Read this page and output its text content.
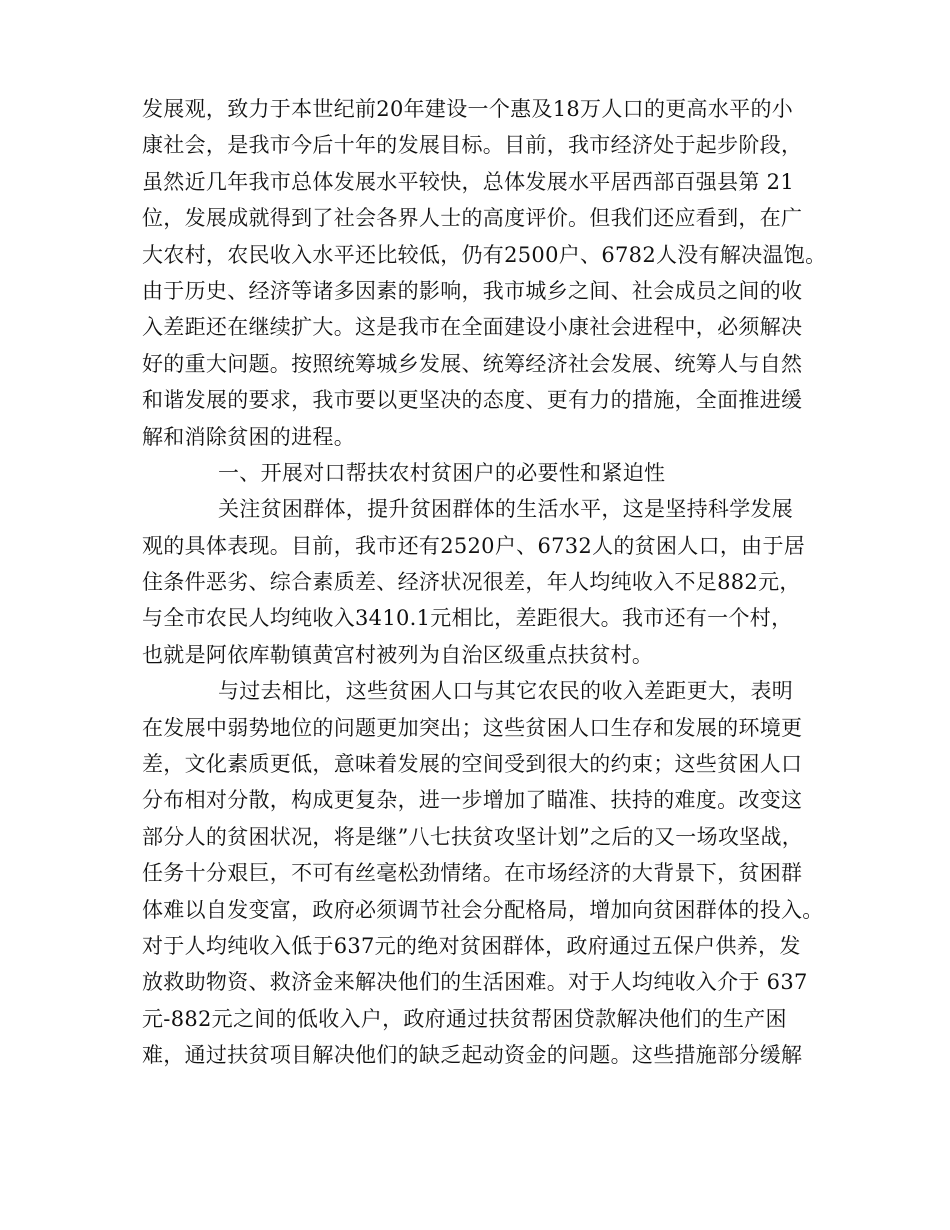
发展观，致力于本世纪前20年建设一个惠及18万人口的更高水平的小
康社会，是我市今后十年的发展目标。目前，我市经济处于起步阶段，
虽然近几年我市总体发展水平较快，总体发展水平居西部百强县第 21
位，发展成就得到了社会各界人士的高度评价。但我们还应看到，在广
大农村，农民收入水平还比较低，仍有2500户、6782人没有解决温饱。
由于历史、经济等诸多因素的影响，我市城乡之间、社会成员之间的收
入差距还在继续扩大。这是我市在全面建设小康社会进程中，必须解决
好的重大问题。按照统筹城乡发展、统筹经济社会发展、统筹人与自然
和谐发展的要求，我市要以更坚决的态度、更有力的措施，全面推进缓
解和消除贫困的进程。
一、开展对口帮扶农村贫困户的必要性和紧迫性
关注贫困群体，提升贫困群体的生活水平，这是坚持科学发展
观的具体表现。目前，我市还有2520户、6732人的贫困人口，由于居
住条件恶劣、综合素质差、经济状况很差，年人均纯收入不足882元，
与全市农民人均纯收入3410.1元相比，差距很大。我市还有一个村，
也就是阿依库勒镇黄宫村被列为自治区级重点扶贫村。
与过去相比，这些贫困人口与其它农民的收入差距更大，表明
在发展中弱势地位的问题更加突出；这些贫困人口生存和发展的环境更
差，文化素质更低，意味着发展的空间受到很大的约束；这些贫困人口
分布相对分散，构成更复杂，进一步增加了瞄准、扶持的难度。改变这
部分人的贫困状况，将是继”八七扶贫攻坚计划”之后的又一场攻坚战，
任务十分艰巨，不可有丝毫松劲情绪。在市场经济的大背景下，贫困群
体难以自发变富，政府必须调节社会分配格局，增加向贫困群体的投入。
对于人均纯收入低于637元的绝对贫困群体，政府通过五保户供养，发
放救助物资、救济金来解决他们的生活困难。对于人均纯收入介于 637
元-882元之间的低收入户，政府通过扶贫帮困贷款解决他们的生产困
难，通过扶贫项目解决他们的缺乏起动资金的问题。这些措施部分缓解
